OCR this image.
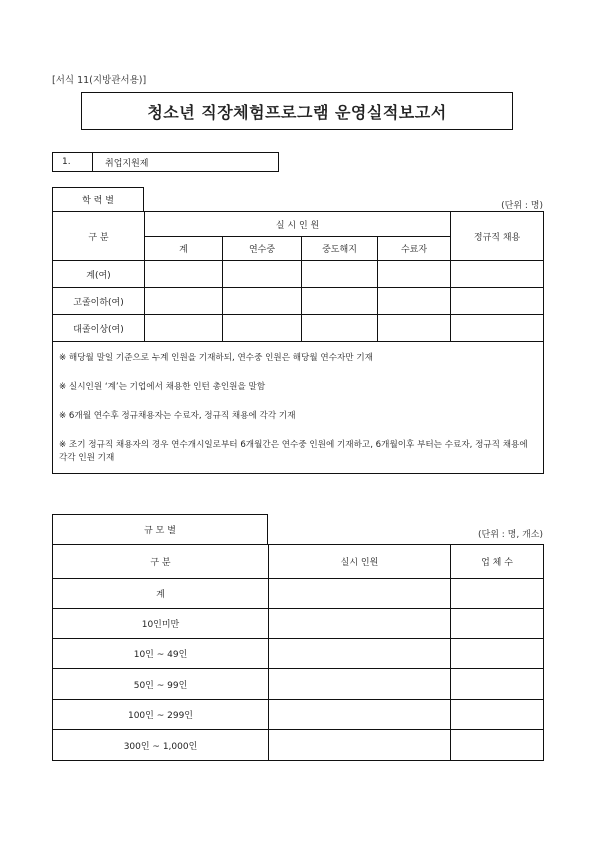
[서식 11(지방관서용)]
청소년 직장체험프로그램 운영실적보고서
1.	취업지원제
학 력 별	(단위 : 명)
구 분	실 시 인 원				정규직 채용
	계	연수중	중도해지	수료자	
계(여)					
고졸이하(여)					
대졸이상(여)					

※ 해당월 말일 기준으로 누계 인원을 기재하되, 연수중 인원은 해당월 연수자만 기재
※ 실시인원 ‘계’는 기업에서 채용한 인턴 총인원을 말함
※ 6개월 연수후 정규채용자는 수료자, 정규직 채용에 각각 기재
※ 조기 정규직 채용자의 경우 연수개시일로부터 6개월간은 연수중 인원에 기재하고, 6개월이후 부터는 수료자, 정규직 채용에 각각 인원 기재					
규 모 별	(단위 : 명, 개소)
구 분	실시 인원	업 체 수
계		
10인미만		
10인 ~ 49인		
50인 ~ 99인		
100인 ~ 299인		
300인 ~ 1,000인		
